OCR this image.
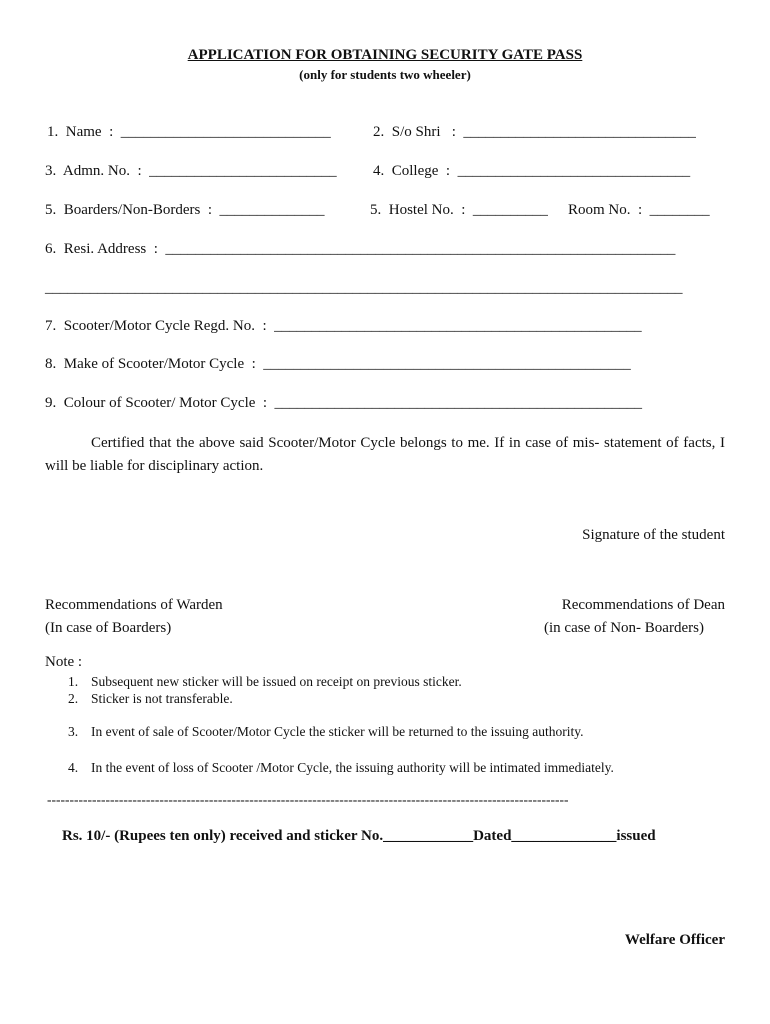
APPLICATION FOR OBTAINING SECURITY GATE PASS
(only for students two wheeler)
1.  Name  :  ____________________________	2.  S/o Shri   :  _______________________________
3.  Admn. No.  :  _________________________ 4.  College  :  _______________________________
5.  Boarders/Non-Borders  :  ______________	5.  Hostel No.  :  __________ Room No.  :  ________
6.  Resi. Address  :  ____________________________________________________________________
_____________________________________________________________________________________
7.  Scooter/Motor Cycle Regd. No.  :  _________________________________________________
8.  Make of Scooter/Motor Cycle  :  _________________________________________________
9.  Colour of Scooter/ Motor Cycle  :  _________________________________________________
Certified that the above said Scooter/Motor Cycle belongs to me. If in case of mis- statement of facts, I will be liable for disciplinary action.
Signature of the student
Recommendations of Warden
(In case of Boarders)
Recommendations of Dean
(in case of Non- Boarders)
Note :
1. Subsequent new sticker will be issued on receipt on previous sticker.
2. Sticker is not transferable.
3. In event of sale of Scooter/Motor Cycle the sticker will be returned to the issuing authority.
4. In the event of loss of Scooter /Motor Cycle, the issuing authority will be intimated immediately.
--------------------------------------------------------------------------------------------------------------------
Rs. 10/- (Rupees ten only) received and sticker No.____________Dated______________issued
Welfare Officer
